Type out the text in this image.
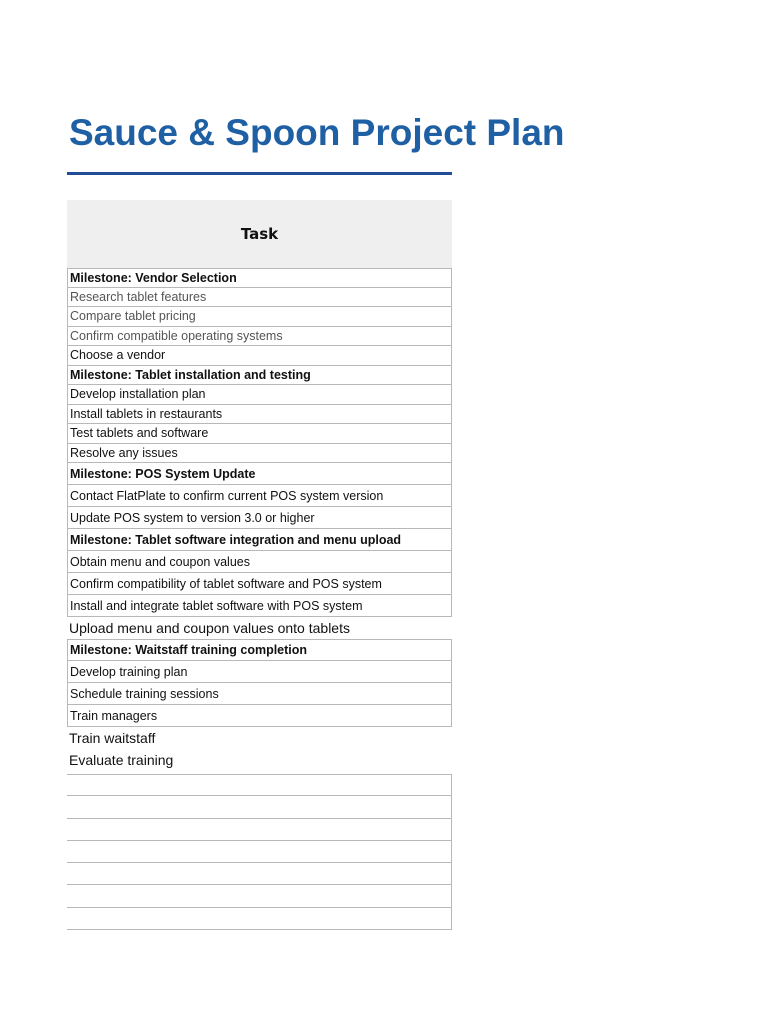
Sauce & Spoon Project Plan
Task
Milestone: Vendor Selection
Research tablet features
Compare tablet pricing
Confirm compatible operating systems
Choose a vendor
Milestone: Tablet installation and testing
Develop installation plan
Install tablets in restaurants
Test tablets and software
Resolve any issues
Milestone: POS System Update
Contact FlatPlate to confirm current POS system version
Update POS system to version 3.0 or higher
Milestone: Tablet software integration and menu upload
Obtain menu and coupon values
Confirm compatibility of tablet software and POS system
Install and integrate tablet software with POS system
Upload menu and coupon values onto tablets
Milestone: Waitstaff training completion
Develop training plan
Schedule training sessions
Train managers
Train waitstaff
Evaluate training
